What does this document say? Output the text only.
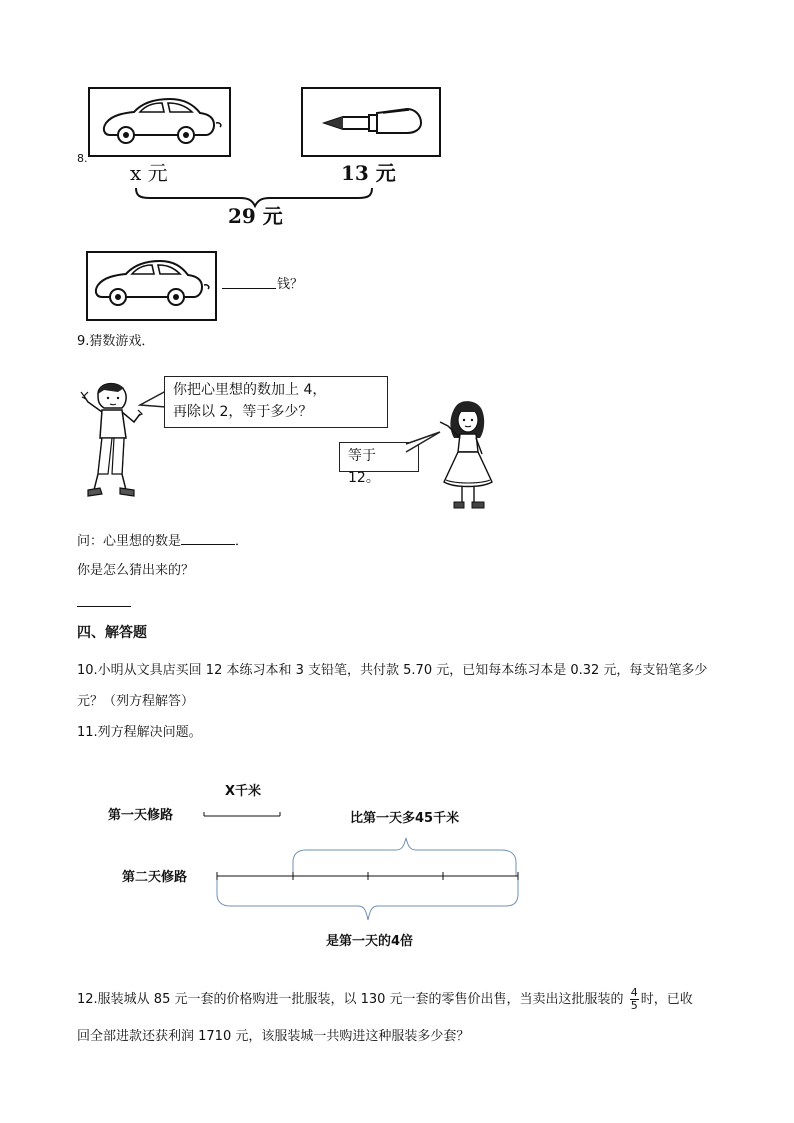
8.
x 元	13 元
29 元
钱？
9.猜数游戏．
你把心里想的数加上 4，
再除以 2，等于多少？
等于 12。
问：心里想的数是	．
你是怎么猜出来的？
四、解答题
10.小明从文具店买回 12 本练习本和 3 支铅笔，共付款 5.70 元，已知每本练习本是 0.32 元，每支铅笔多少
元？（列方程解答）
11.列方程解决问题。
X千米
第一天修路	比第一天多45千米
第二天修路
是第一天的4倍
12.服装城从 85 元一套的价格购进一批服装，以 130 元一套的零售价出售，当卖出这批服装的 $\frac{4}{5}$ 时，已收
回全部进款还获利润 1710 元，该服装城一共购进这种服装多少套？
